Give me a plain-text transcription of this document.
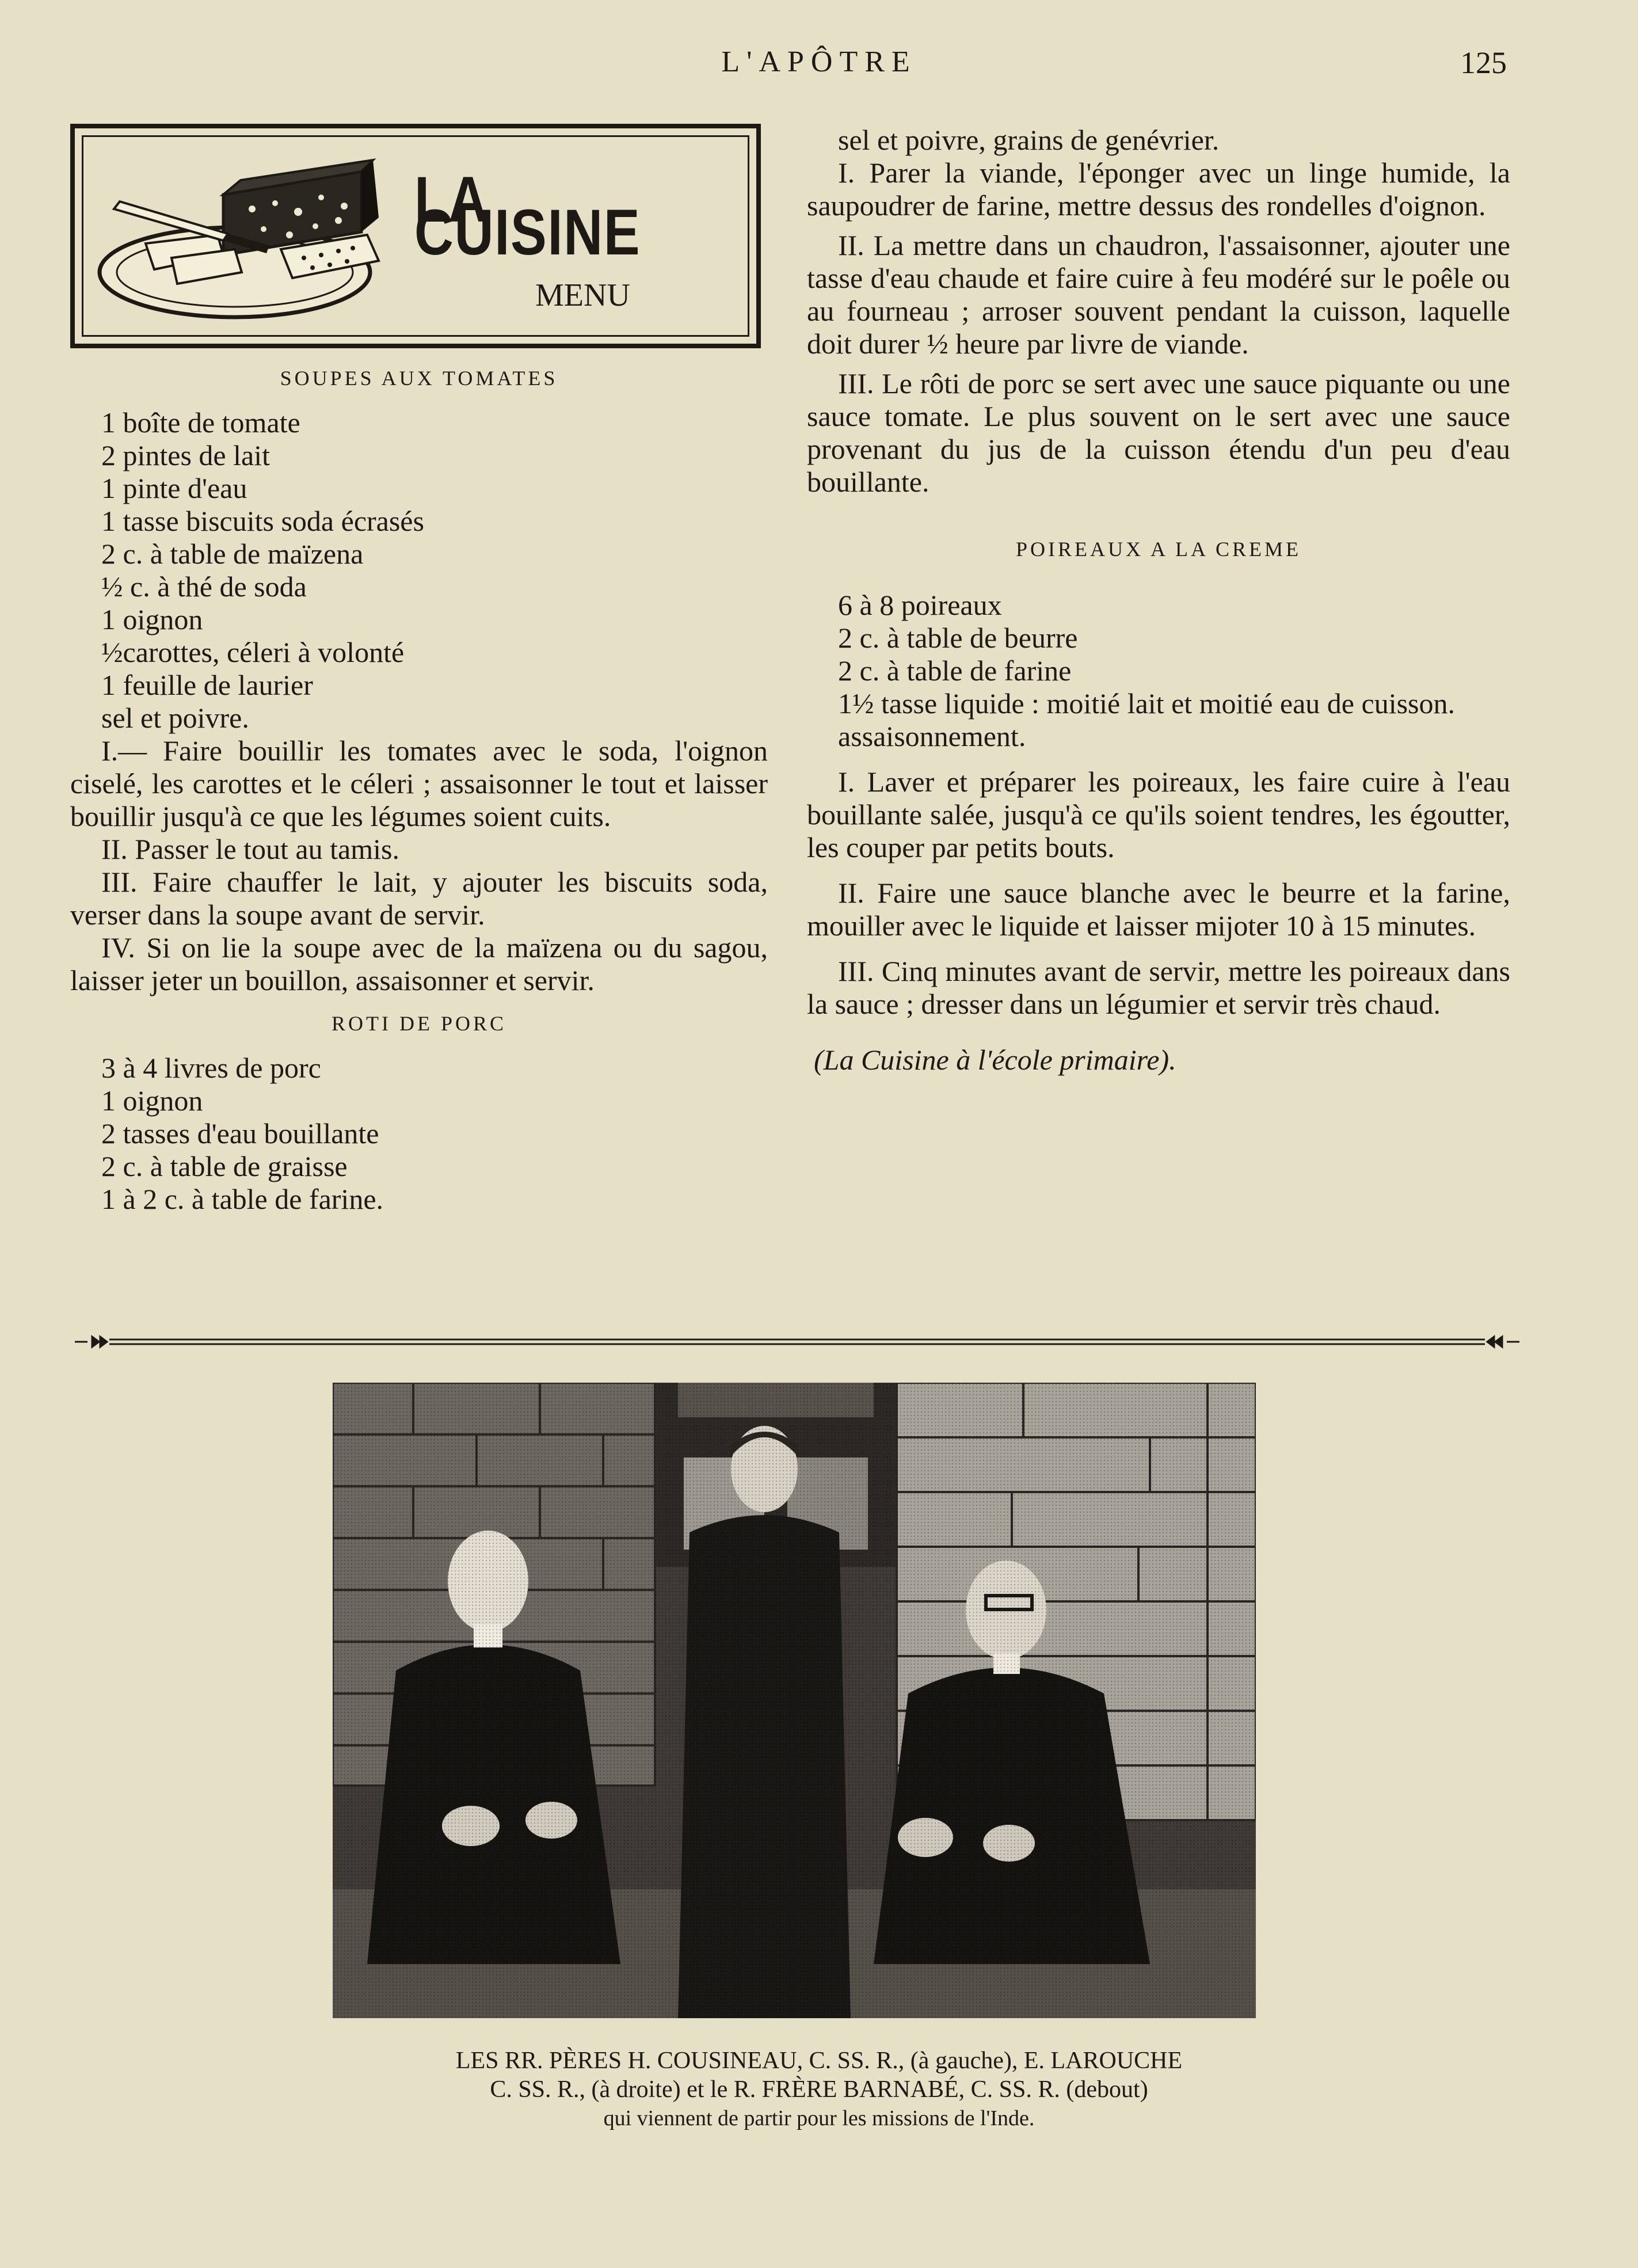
L'APÔTRE	125
LA CUISINE
MENU
SOUPES AUX TOMATES
1 boîte de tomate
2 pintes de lait
1 pinte d'eau
1 tasse biscuits soda écrasés
2 c. à table de maïzena
½ c. à thé de soda
1 oignon
½carottes, céleri à volonté
1 feuille de laurier
sel et poivre.

I.— Faire bouillir les tomates avec le soda, l'oignon ciselé, les carottes et le céleri ; assaisonner le tout et laisser bouillir jusqu'à ce que les légumes soient cuits.

II. Passer le tout au tamis.

III. Faire chauffer le lait, y ajouter les biscuits soda, verser dans la soupe avant de servir.

IV. Si on lie la soupe avec de la maïzena ou du sagou, laisser jeter un bouillon, assaisonner et servir.

ROTI DE PORC
3 à 4 livres de porc
1 oignon
2 tasses d'eau bouillante
2 c. à table de graisse
1 à 2 c. à table de farine.

sel et poivre, grains de genévrier.

I. Parer la viande, l'éponger avec un linge humide, la saupoudrer de farine, mettre dessus des rondelles d'oignon.

II. La mettre dans un chaudron, l'assaisonner, ajouter une tasse d'eau chaude et faire cuire à feu modéré sur le poêle ou au fourneau ; arroser souvent pendant la cuisson, laquelle doit durer ½ heure par livre de viande.

III. Le rôti de porc se sert avec une sauce piquante ou une sauce tomate. Le plus souvent on le sert avec une sauce provenant du jus de la cuisson étendu d'un peu d'eau bouillante.

POIREAUX A LA CREME
6 à 8 poireaux
2 c. à table de beurre
2 c. à table de farine
1½ tasse liquide : moitié lait et moitié eau de cuisson.
assaisonnement.

I. Laver et préparer les poireaux, les faire cuire à l'eau bouillante salée, jusqu'à ce qu'ils soient tendres, les égoutter, les couper par petits bouts.

II. Faire une sauce blanche avec le beurre et la farine, mouiller avec le liquide et laisser mijoter 10 à 15 minutes.

III. Cinq minutes avant de servir, mettre les poireaux dans la sauce ; dresser dans un légumier et servir très chaud.

(La Cuisine à l'école primaire).

LES RR. PÈRES H. COUSINEAU, C. SS. R., (à gauche), E. LAROUCHE
C. SS. R., (à droite) et le R. FRÈRE BARNABÉ, C. SS. R. (debout)
qui viennent de partir pour les missions de l'Inde.
